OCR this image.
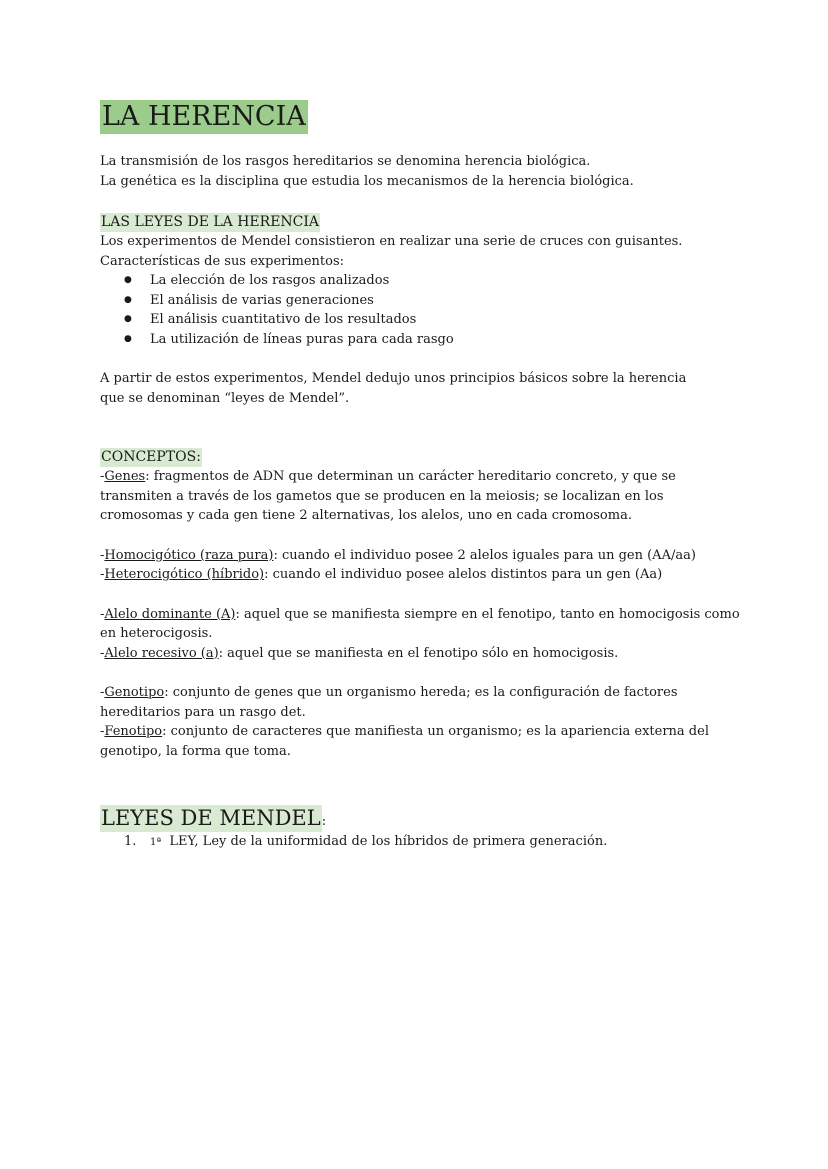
LA HERENCIA

La transmisión de los rasgos hereditarios se denomina herencia biológica.

La genética es la disciplina que estudia los mecanismos de la herencia biológica.

LAS LEYES DE LA HERENCIA

Los experimentos de Mendel consistieron en realizar una serie de cruces con guisantes.

Características de sus experimentos:

● La elección de los rasgos analizados
● El análisis de varias generaciones
● El análisis cuantitativo de los resultados
● La utilización de líneas puras para cada rasgo

A partir de estos experimentos, Mendel dedujo unos principios básicos sobre la herencia

que se denominan “leyes de Mendel”.

CONCEPTOS:

-Genes: fragmentos de ADN que determinan un carácter hereditario concreto, y que se transmiten a través de los gametos que se producen en la meiosis; se localizan en los cromosomas y cada gen tiene 2 alternativas, los alelos, uno en cada cromosoma.

-Homocigótico (raza pura): cuando el individuo posee 2 alelos iguales para un gen (AA/aa)

-Heterocigótico (híbrido): cuando el individuo posee alelos distintos para un gen (Aa)

-Alelo dominante (A): aquel que se manifiesta siempre en el fenotipo, tanto en homocigosis como en heterocigosis.

-Alelo recesivo (a): aquel que se manifiesta en el fenotipo sólo en homocigosis.

-Genotipo: conjunto de genes que un organismo hereda; es la configuración de factores hereditarios para un rasgo det.

-Fenotipo: conjunto de caracteres que manifiesta un organismo; es la apariencia externa del genotipo, la forma que toma.

LEYES DE MENDEL:
1. 1ª LEY, Ley de la uniformidad de los híbridos de primera generación.
